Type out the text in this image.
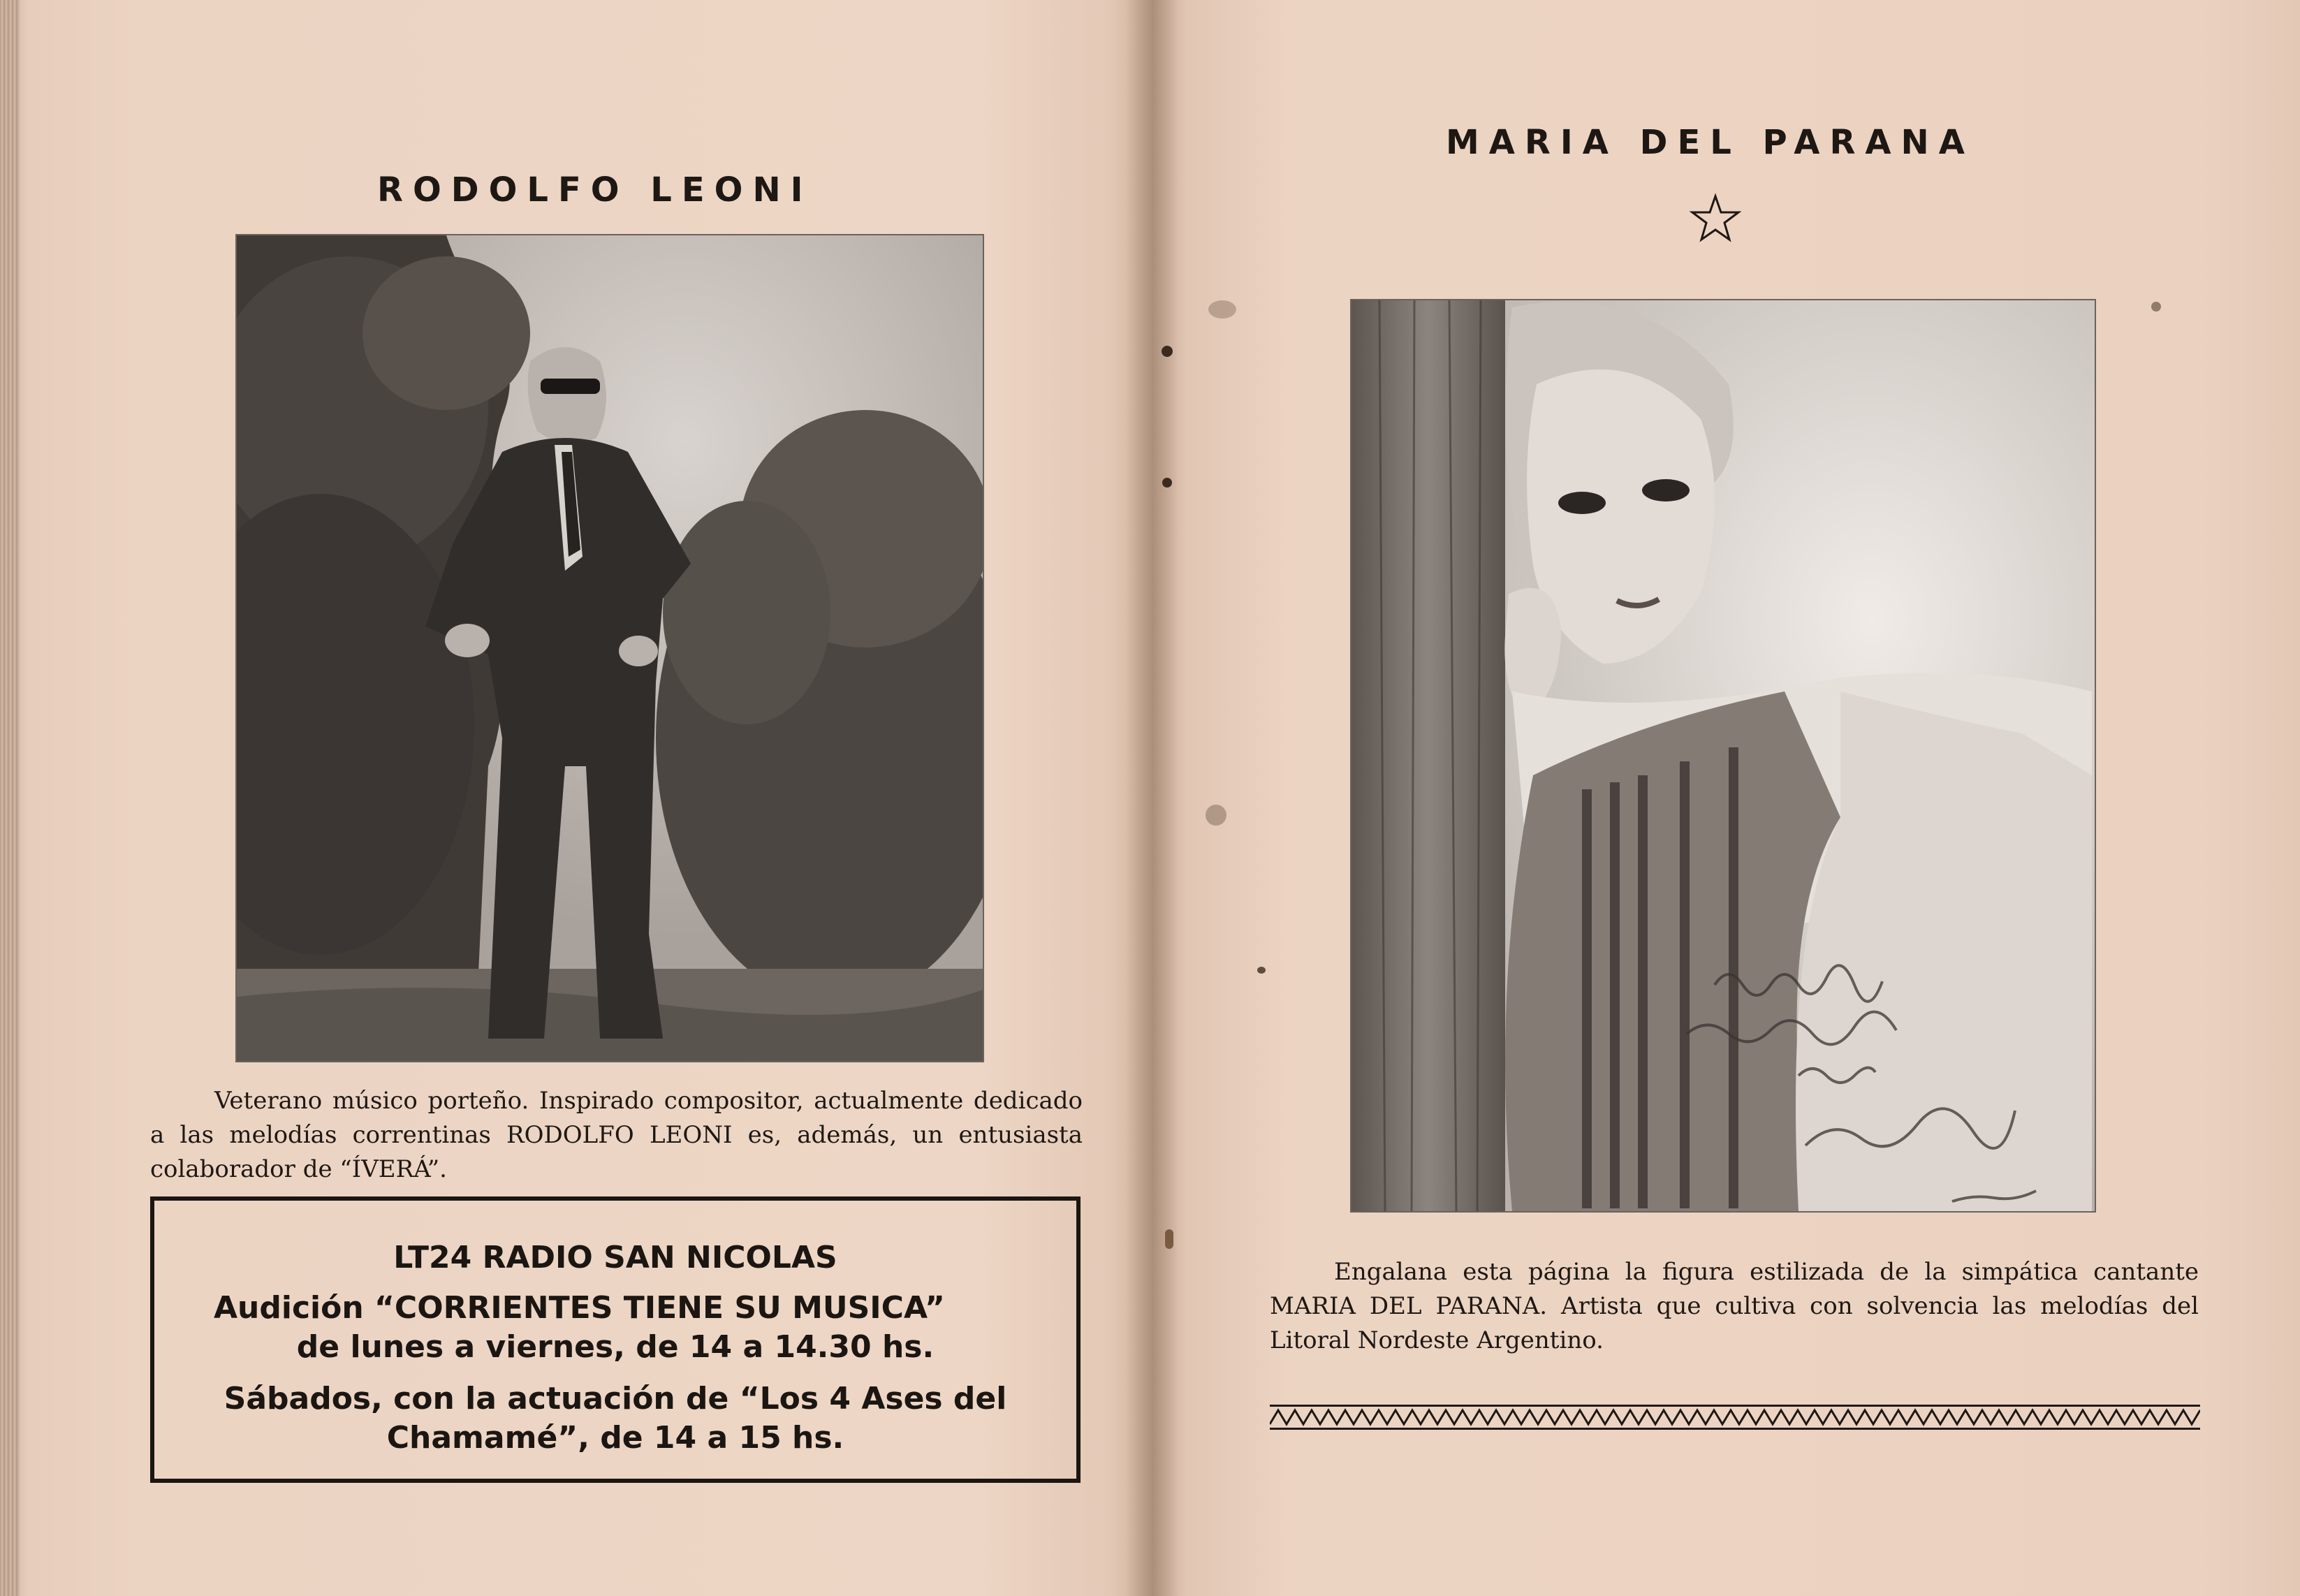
RODOLFO LEONI
Veterano músico porteño. Inspirado compositor, actualmente dedicado a las melodías correntinas RODOLFO LEONI es, además, un entusiasta colaborador de “ÍVERÁ”.
LT24 RADIO SAN NICOLAS
Audición “CORRIENTES TIENE SU MUSICA”
de lunes a viernes, de 14 a 14.30 hs.
Sábados, con la actuación de “Los 4 Ases del
Chamamé”, de 14 a 15 hs.
MARIA DEL PARANA
Engalana esta página la figura estilizada de la simpática cantante MARIA DEL PARANA. Artista que cultiva con solvencia las melodías del Litoral Nordeste Argentino.
